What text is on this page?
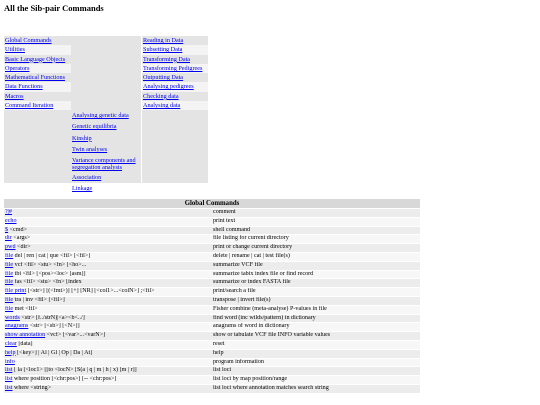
All the Sib-pair Commands
Global Commands
Utilities
Basic Language Objects
Operators
Mathematical Functions
Data Functions
Macros
Command Iteration
Reading in Data
Subsetting Data
Transforming Data
Transforming Pedigrees
Outputting Data
Analysing pedigrees
Checking data
Analysing data
Analysing genetic data
Genetic equilibria
Kinship
Twin analyses
Variance components and segregation analysis
Association
Linkage
Global Commands	
?|#	comment
echo	print text
$ <cmd>	shell command
dir <args>	file listing for current directory
pwd <dir>	print or change current directory
file del | ren | cat | que <fil> [<fil>]	delete | rename | cat | test file(s)
file vcf <fil> <stu> <fn> [<ho>...	summarize VCF file
file tbi <fil> [<pos><loc> [asm]]	summarize tabix index file or find record
file fas <fil> <stu> <fn> [index	summarize or index FASTA file
file print [<str>] [(<fmt>)] [+] [NR] [<col1>...<colN>] ;<fil>	print/search a file
file tra | inv <fil> [<fil>]	transpose | invert file(s)
file met <fil>	Fisher combine (meta-analyse) P-values in file
words <str> [f../strN)|<a><b<../]	find word (inc wilds/pattern) in dictionary
anagrams <str> [<sb>] [<N>]]	anagrams of word in dictionary
show annotation <vcf> [<var>...<varN>]	show or tabulate VCF file INFO variable values
clear [data]	reset
help [<key>] | Al | Gl | Op | Da | At]	help
info	program information
list [ la [<loc1> [[to <locN> [S(a | q | m | h | x) [m | r]]	list loci
list where position [<chr:pos>] [-- <chr:pos>]	list loci by map position/range
list where <string>	list loci where annotation matches search string
